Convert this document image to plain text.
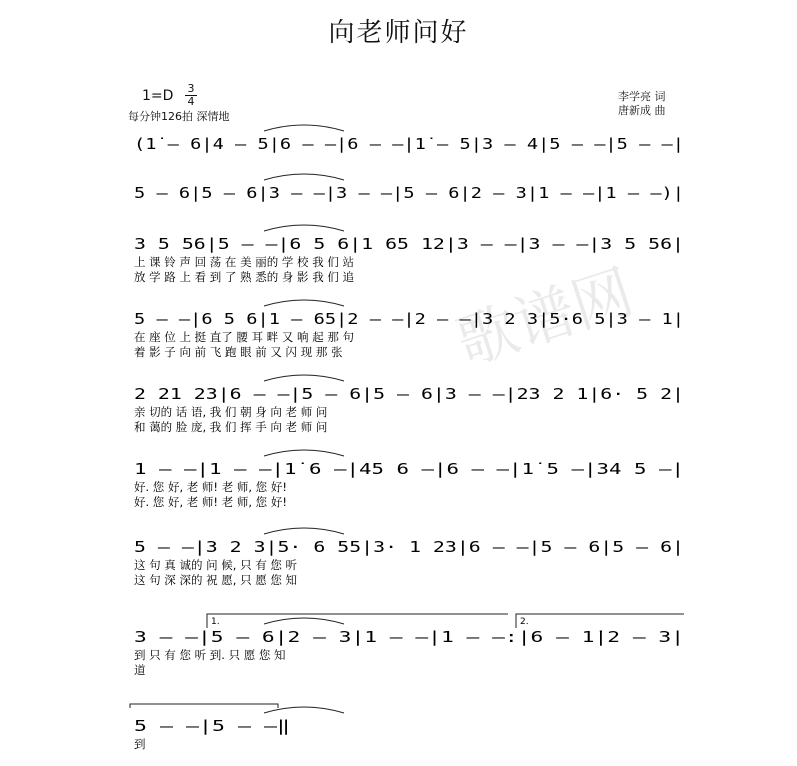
向老师问好
1=D 3
4
每分钟126拍 深情地
李学亮 词
唐新成 曲
歌谱网
(1̇ – 6|4 – 5|6 – –|6 – –|1̇ – 5|3 – 4|5 – –|5 – –|
5 – 6|5 – 6|3 – –|3 – –|5 – 6|2 – 3|1 – –|1 – –)|
3 5 56|5 – –|6 5 6|1 65 12|3 – –|3 – –|3 5 56|
上 课 铃 声 回 荡 在 美 丽的 学 校 我 们 站
放 学 路 上 看 到 了 熟 悉的 身 影 我 们 追
5 – –|6 5 6|1 – 65|2 – –|2 – –|3 2 3|5·6 5|3 – 1|
在 座 位 上 挺 直了 腰 耳 畔 又 响 起 那 句
着 影 子 向 前 飞 跑 眼 前 又 闪 现 那 张
2 21 23|6 – –|5 – 6|5 – 6|3 – –|23 2 1|6· 5 2|
亲 切的 话 语, 我 们 朝 身 向 老 师 问
和 蔼的 脸 庞, 我 们 挥 手 向 老 师 问
1 – –|1 – –|1̇ 6 –|45 6 –|6 – –|1̇ 5 –|34 5 –|
好. 您 好, 老 师! 老 师, 您 好!
好. 您 好, 老 师! 老 师, 您 好!
5 – –|3 2 3|5· 6 55|3· 1 23|6 – –|5 – 6|5 – 6|
这 句 真 诚的 问 候, 只 有 您 听
这 句 深 深的 祝 愿, 只 愿 您 知
3 – –|5 – 6|2 – 3|1 – –|1 – –:|6 – 1̇|2 – 3|
到 只 有 您 听 到. 只 愿 您 知
道
5 – –|5 – –‖
到
1.	2.
